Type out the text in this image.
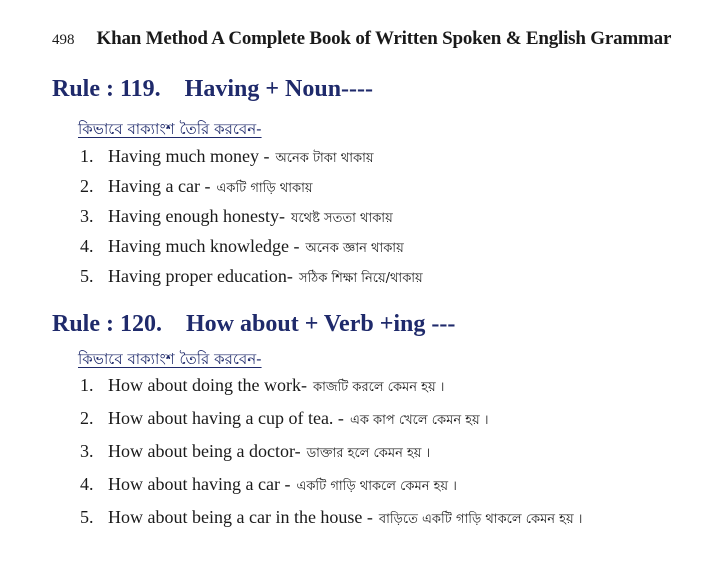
498 Khan Method A Complete Book of Written Spoken & English Grammar
Rule : 119. Having + Noun----
কিভাবে বাক্যাংশ তৈরি করবেন-
1. Having much money - অনেক টাকা থাকায়
2. Having a car - একটি গাড়ি থাকায়
3. Having enough honesty- যথেষ্ট সততা থাকায়
4. Having much knowledge - অনেক জ্ঞান থাকায়
5. Having proper education- সঠিক শিক্ষা নিয়ে/থাকায়
Rule : 120. How about + Verb +ing ---
কিভাবে বাক্যাংশ তৈরি করবেন-
1. How about doing the work- কাজটি করলে কেমন হয় ।
2. How about having a cup of tea. - এক কাপ খেলে কেমন হয় ।
3. How about being a doctor- ডাক্তার হলে কেমন হয় ।
4. How about having a car - একটি গাড়ি থাকলে কেমন হয় ।
5. How about being a car in the house - বাড়িতে একটি গাড়ি থাকলে কেমন হয় ।
